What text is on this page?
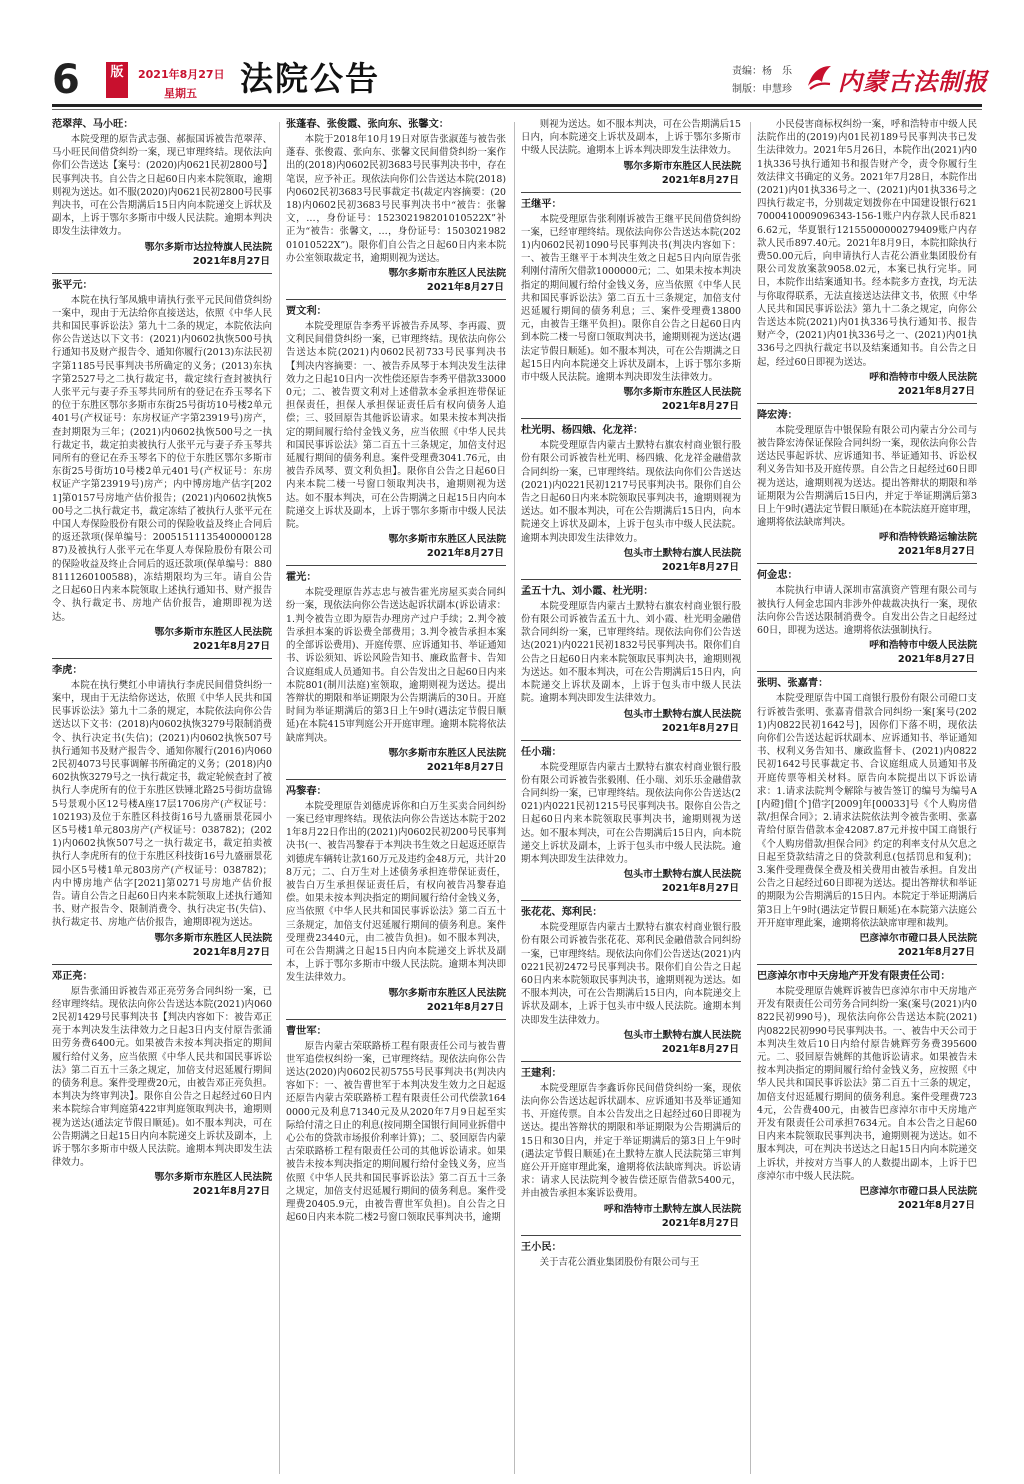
6	版	2021年8月27日
星期五 法院公告	责编：杨　乐
制版：申慧珍 内蒙古法制报
范翠萍、马小旺：
本院受理的原告武志强、郝振国诉被告范翠萍、马小旺民间借贷纠纷一案，现已审理终结。现依法向你们公告送达【案号：(2020)内0621民初2800号】民事判决书。自公告之日起60日内来本院领取，逾期则视为送达。如不服(2020)内0621民初2800号民事判决书，可在公告期满后15日内向本院递交上诉状及副本，上诉于鄂尔多斯市中级人民法院。逾期本判决即发生法律效力。
鄂尔多斯市达拉特旗人民法院
2021年8月27日
张平元：
本院在执行邹凤娥申请执行张平元民间借贷纠纷一案中，现由于无法给你直接送达，依照《中华人民共和国民事诉讼法》第九十二条的规定，本院依法向你公告送达以下文书：(2021)内0602执恢500号执行通知书及财产报告令、通知你履行(2013)东法民初字第1185号民事判决书所确定的义务；(2013)东执字第2527号之二执行裁定书，裁定续行查封被执行人张平元与妻子乔玉琴共同所有的登记在乔玉琴名下的位于东胜区鄂尔多斯市东街25号街坊10号楼2单元401号(产权证号：东房权证产字第23919号)房产，查封期限为三年；(2021)内0602执恢500号之一执行裁定书，裁定拍卖被执行人张平元与妻子乔玉琴共同所有的登记在乔玉琴名下的位于东胜区鄂尔多斯市东街25号街坊10号楼2单元401号(产权证号：东房权证产字第23919号)房产；内中博房地产估字[2021]第0157号房地产估价报告；(2021)内0602执恢500号之二执行裁定书，裁定冻结了被执行人张平元在中国人寿保险股份有限公司的保险收益及终止合同后的返还款项(保单编号：2005151113540000012887)及被执行人张平元在华夏人寿保险股份有限公司的保险收益及终止合同后的返还款项(保单编号：8808111260100588)，冻结期限均为三年。请自公告之日起60日内来本院领取上述执行通知书、财产报告令、执行裁定书、房地产估价报告，逾期即视为送达。
鄂尔多斯市东胜区人民法院
2021年8月27日
李虎：
本院在执行樊红小申请执行李虎民间借贷纠纷一案中，现由于无法给你送达，依照《中华人民共和国民事诉讼法》第九十二条的规定，本院依法向你公告送达以下文书：(2018)内0602执恢3279号限制消费令、执行决定书(失信)；(2021)内0602执恢507号执行通知书及财产报告令、通知你履行(2016)内0602民初4073号民事调解书所确定的义务；(2018)内0602执恢3279号之一执行裁定书，裁定轮候查封了被执行人李虎所有的位于东胜区铁锤北路25号街坊盘锦5号景观小区12号楼A座17层1706房产(产权证号：102193)及位于东胜区科技街16号九盛丽景花园小区5号楼1单元803房产(产权证号：038782)；(2021)内0602执恢507号之一执行裁定书，裁定拍卖被执行人李虎所有的位于东胜区科技街16号九盛丽景花园小区5号楼1单元803房产(产权证号：038782)；内中博房地产估字[2021]第0271号房地产估价报告。请自公告之日起60日内来本院领取上述执行通知书、财产报告令、限制消费令、执行决定书(失信)、执行裁定书、房地产估价报告，逾期即视为送达。
鄂尔多斯市东胜区人民法院
2021年8月27日
邓正亮：
原告张涌田诉被告邓正亮劳务合同纠纷一案，已经审理终结。现依法向你公告送达本院(2021)内0602民初1429号民事判决书【判决内容如下：被告邓正亮于本判决发生法律效力之日起3日内支付原告张涌田劳务费6400元。如果被告未按本判决指定的期间履行给付义务，应当依照《中华人民共和国民事诉讼法》第二百五十三条之规定，加倍支付迟延履行期间的债务利息。案件受理费20元，由被告邓正亮负担。本判决为终审判决】。限你自公告之日起经过60日内来本院综合审判庭第422审判庭领取判决书，逾期则视为送达(通法定节假日顺延)。如不服本判决，可在公告期满之日起15日内向本院递交上诉状及副本，上诉于鄂尔多斯市中级人民法院。逾期本判决即发生法律效力。
鄂尔多斯市东胜区人民法院
2021年8月27日
张蓬春、张俊霞、张向东、张馨文：
本院于2018年10月19日对原告张淑莲与被告张蓬春、张俊霞、张向东、张馨文民间借贷纠纷一案作出的(2018)内0602民初3683号民事判决书中，存在笔误，应予补正。现依法向你们公告送达本院(2018)内0602民初3683号民事裁定书(裁定内容摘要：(2018)内0602民初3683号民事判决书中“被告：张馨文，…，身份证号：152302198201010522X”补正为“被告：张馨文，…，身份证号：150302198201010522X”)。限你们自公告之日起60日内来本院办公室领取裁定书，逾期则视为送达。
鄂尔多斯市东胜区人民法院
2021年8月27日
贾文利：
本院受理原告李秀平诉被告乔凤琴、李再霞、贾文利民间借贷纠纷一案，已审理终结。现依法向你公告送达本院(2021)内0602民初733号民事判决书【判决内容摘要：一、被告乔凤琴于本判决发生法律效力之日起10日内一次性偿还原告李秀平借款330000元；二、被告贾文利对上述借款本金承担连带保证担保责任，担保人承担保证责任后有权向债务人追偿；三、驳回原告其他诉讼请求。如果未按本判决指定的期间履行给付金钱义务，应当依照《中华人民共和国民事诉讼法》第二百五十三条规定，加倍支付迟延履行期间的债务利息。案件受理费3041.76元，由被告乔凤琴、贾文利负担】。限你自公告之日起60日内来本院二楼一号窗口领取判决书，逾期则视为送达。如不服本判决，可在公告期满之日起15日内向本院递交上诉状及副本，上诉于鄂尔多斯市中级人民法院。
鄂尔多斯市东胜区人民法院
2021年8月27日
霍光：
本院受理原告苏志忠与被告霍光房屋买卖合同纠纷一案，现依法向你公告送达起诉状副本(诉讼请求：1.判令被告立即为原告办理房产过户手续；2.判令被告承担本案的诉讼费全部费用；3.判令被告承担本案的全部诉讼费用)、开庭传票、应诉通知书、举证通知书、诉讼须知、诉讼风险告知书、廉政监督卡、告知合议庭组成人员通知书。自公告发出之日起60日内来本院801(制川法庭)室领取，逾期则视为送达。提出答辩状的期限和举证期限为公告期满后的30日。开庭时间为举证期满后的第3日上午9时(遇法定节假日顺延)在本院415审判庭公开开庭审理。逾期本院将依法缺席判决。
鄂尔多斯市东胜区人民法院
2021年8月27日
冯黎春：
本院受理原告刘德虎诉你和白万生买卖合同纠纷一案已经审理终结。现依法向你公告送达本院于2021年8月22日作出的(2021)内0602民初200号民事判决书(一、被告冯黎春于本判决书生效之日起返还原告刘德虎车辆转让款160万元及违约金48万元，共计208万元；二、白万生对上述债务承担连带保证责任，被告白万生承担保证责任后，有权向被告冯黎春追偿。如果未按本判决指定的期间履行给付金钱义务，应当依照《中华人民共和国民事诉讼法》第二百五十三条规定，加倍支付迟延履行期间的债务利息。案件受理费23440元，由二被告负担)。如不服本判决，可在公告期满之日起15日内向本院递交上诉状及副本，上诉于鄂尔多斯市中级人民法院。逾期本判决即发生法律效力。
鄂尔多斯市东胜区人民法院
2021年8月27日
曹世军：
原告内蒙古荣联路桥工程有限责任公司与被告曹世军追偿权纠纷一案，已审理终结。现依法向你公告送达(2020)内0602民初5755号民事判决书(判决内容如下：一、被告曹世军于本判决发生效力之日起返还原告内蒙古荣联路桥工程有限责任公司代偿款1640000元及利息71340元及从2020年7月9日起至实际给付清之日止的利息(按同期全国银行间同业拆借中心公布的贷款市场报价利率计算)；二、驳回原告内蒙古荣联路桥工程有限责任公司的其他诉讼请求。如果被告未按本判决指定的期间履行给付金钱义务，应当依照《中华人民共和国民事诉讼法》第二百五十三条之规定，加倍支付迟延履行期间的债务利息。案件受理费20405.9元，由被告曹世军负担)。自公告之日起60日内来本院二楼2号窗口领取民事判决书，逾期
则视为送达。如不服本判决，可在公告期满后15日内，向本院递交上诉状及副本，上诉于鄂尔多斯市中级人民法院。逾期本上诉本判决即发生法律效力。
鄂尔多斯市东胜区人民法院
2021年8月27日
王继平：
本院受理原告张利刚诉被告王继平民间借贷纠纷一案，已经审理终结。现依法向你公告送达本院(2021)内0602民初1090号民事判决书(判决内容如下：一、被告王继平于本判决生效之日起5日内向原告张利刚付清所欠借款1000000元；二、如果未按本判决指定的期间履行给付金钱义务，应当依照《中华人民共和国民事诉讼法》第二百五十三条规定，加倍支付迟延履行期间的债务利息；三、案件受理费13800元，由被告王继平负担)。限你自公告之日起60日内到本院二楼一号窗口领取判决书，逾期则视为送达(遇法定节假日顺延)。如不服本判决，可在公告期满之日起15日内向本院递交上诉状及副本，上诉于鄂尔多斯市中级人民法院。逾期本判决即发生法律效力。
鄂尔多斯市东胜区人民法院
2021年8月27日
杜光明、杨四娥、化龙祥：
本院受理原告内蒙古土默特右旗农村商业银行股份有限公司诉被告杜光明、杨四娥、化龙祥金融借款合同纠纷一案，已审理终结。现依法向你们公告送达(2021)内0221民初1217号民事判决书。限你们自公告之日起60日内来本院领取民事判决书，逾期则视为送达。如不服本判决，可在公告期满后15日内，向本院递交上诉状及副本，上诉于包头市中级人民法院。逾期本判决即发生法律效力。
包头市土默特右旗人民法院
2021年8月27日
孟五十九、刘小霞、杜光明：
本院受理原告内蒙古土默特右旗农村商业银行股份有限公司诉被告孟五十九、刘小霞、杜光明金融借款合同纠纷一案，已审理终结。现依法向你们公告送达(2021)内0221民初1832号民事判决书。限你们自公告之日起60日内来本院领取民事判决书，逾期则视为送达。如不服本判决，可在公告期满后15日内，向本院递交上诉状及副本，上诉于包头市中级人民法院。逾期本判决即发生法律效力。
包头市土默特右旗人民法院
2021年8月27日
任小瑞：
本院受理原告内蒙古土默特右旗农村商业银行股份有限公司诉被告张毅刚、任小瑞、刘乐乐金融借款合同纠纷一案，已审理终结。现依法向你公告送达(2021)内0221民初1215号民事判决书。限你自公告之日起60日内来本院领取民事判决书，逾期则视为送达。如不服本判决，可在公告期满后15日内，向本院递交上诉状及副本，上诉于包头市中级人民法院。逾期本判决即发生法律效力。
包头市土默特右旗人民法院
2021年8月27日
张花花、郑利民：
本院受理原告内蒙古土默特右旗农村商业银行股份有限公司诉被告张花花、郑利民金融借款合同纠纷一案，已审理终结。现依法向你们公告送达(2021)内0221民初2472号民事判决书。限你们自公告之日起60日内来本院领取民事判决书，逾期则视为送达。如不服本判决，可在公告期满后15日内，向本院递交上诉状及副本，上诉于包头市中级人民法院。逾期本判决即发生法律效力。
包头市土默特右旗人民法院
2021年8月27日
王建利：
本院受理原告李鑫诉你民间借贷纠纷一案，现依法向你公告送达起诉状副本、应诉通知书及举证通知书、开庭传票。自本公告发出之日起经过60日即视为送达。提出答辩状的期限和举证期限为公告期满后的15日和30日内，并定于举证期满后的第3日上午9时(遇法定节假日顺延)在土默特左旗人民法院第三审判庭公开开庭审理此案，逾期将依法缺席判决。诉讼请求：请求人民法院判令被告偿还原告借款5400元，并由被告承担本案诉讼费用。
呼和浩特市土默特左旗人民法院
2021年8月27日
王小民：
关于吉花公酒业集团股份有限公司与王
小民侵害商标权纠纷一案，呼和浩特市中级人民法院作出的(2019)内01民初189号民事判决书已发生法律效力。2021年5月26日，本院作出(2021)内01执336号执行通知书和报告财产令，责令你履行生效法律文书确定的义务。2021年7月28日，本院作出(2021)内01执336号之一、(2021)内01执336号之四执行裁定书，分别裁定划拨你在中国建设银行6217000410009096343-156-1账户内存款人民币8216.62元，华夏银行12155000000279409账户内存款人民币897.40元。2021年8月9日，本院扣除执行费50.00元后，向申请执行人吉花公酒业集团股份有限公司发放案款9058.02元，本案已执行完毕。同日，本院作出结案通知书。经本院多方查找，均无法与你取得联系，无法直接送达法律文书，依照《中华人民共和国民事诉讼法》第九十二条之规定，向你公告送达本院(2021)内01执336号执行通知书、报告财产令，(2021)内01执336号之一、(2021)内01执336号之四执行裁定书以及结案通知书。自公告之日起，经过60日即视为送达。
呼和浩特市中级人民法院
2021年8月27日
降宏涛：
本院受理原告中银保险有限公司内蒙古分公司与被告降宏涛保证保险合同纠纷一案，现依法向你公告送达民事起诉状、应诉通知书、举证通知书、诉讼权利义务告知书及开庭传票。自公告之日起经过60日即视为送达，逾期则视为送达。提出答辩状的期限和举证期限为公告期满后15日内，并定于举证期满后第3日上午9时(遇法定节假日顺延)在本院法庭开庭审理，逾期将依法缺席判决。
呼和浩特铁路运输法院
2021年8月27日
何金忠：
本院执行申请人深圳市富滇资产管理有限公司与被执行人何金忠国内非涉外仲裁裁决执行一案，现依法向你公告送达限制消费令。自发出公告之日起经过60日，即视为送达。逾期将依法强制执行。
呼和浩特市中级人民法院
2021年8月27日
张明、张嘉青：
本院受理原告中国工商银行股份有限公司磴口支行诉被告张明、张嘉青借款合同纠纷一案[案号(2021)内0822民初1642号]，因你们下落不明，现依法向你们公告送达起诉状副本、应诉通知书、举证通知书、权利义务告知书、廉政监督卡、(2021)内0822民初1642号民事裁定书、合议庭组成人员通知书及开庭传票等相关材料。原告向本院提出以下诉讼请求：1.请求法院判令解除与被告签订的编号为编号A[内磴]借[个]借字[2009]年[00033]号《个人购房借款/担保合同》；2.请求法院依法判令被告张明、张嘉青给付原告借款本金42087.87元并按中国工商银行《个人购房借款/担保合同》约定的利率支付从欠息之日起至贷款结清之日的贷款利息(包括罚息和复利)；3.案件受理费保全费及相关费用由被告承担。自发出公告之日起经过60日即视为送达。提出答辩状和举证的期限为公告期满后的15日内。本院定于举证期满后第3日上午9时(遇法定节假日顺延)在本院第六法庭公开开庭审理此案，逾期将依法缺席审理和裁判。
巴彦淖尔市磴口县人民法院
2021年8月27日
巴彦淖尔市中天房地产开发有限责任公司：
本院受理原告姚辉诉被告巴彦淖尔市中天房地产开发有限责任公司劳务合同纠纷一案(案号(2021)内0822民初990号)，现依法向你公告送达本院(2021)内0822民初990号民事判决书。一、被告中天公司于本判决生效后10日内给付原告姚辉劳务费395600元。二、驳回原告姚辉的其他诉讼请求。如果被告未按本判决指定的期间履行给付金钱义务，应按照《中华人民共和国民事诉讼法》第二百五十三条的规定，加倍支付迟延履行期间的债务利息。案件受理费7234元，公告费400元，由被告巴彦淖尔市中天房地产开发有限责任公司承担7634元。自本公告之日起60日内来本院领取民事判决书，逾期则视为送达。如不服本判决，可在判决书送达之日起15日内向本院递交上诉状，并按对方当事人的人数提出副本，上诉于巴彦淖尔市中级人民法院。
巴彦淖尔市磴口县人民法院
2021年8月27日
